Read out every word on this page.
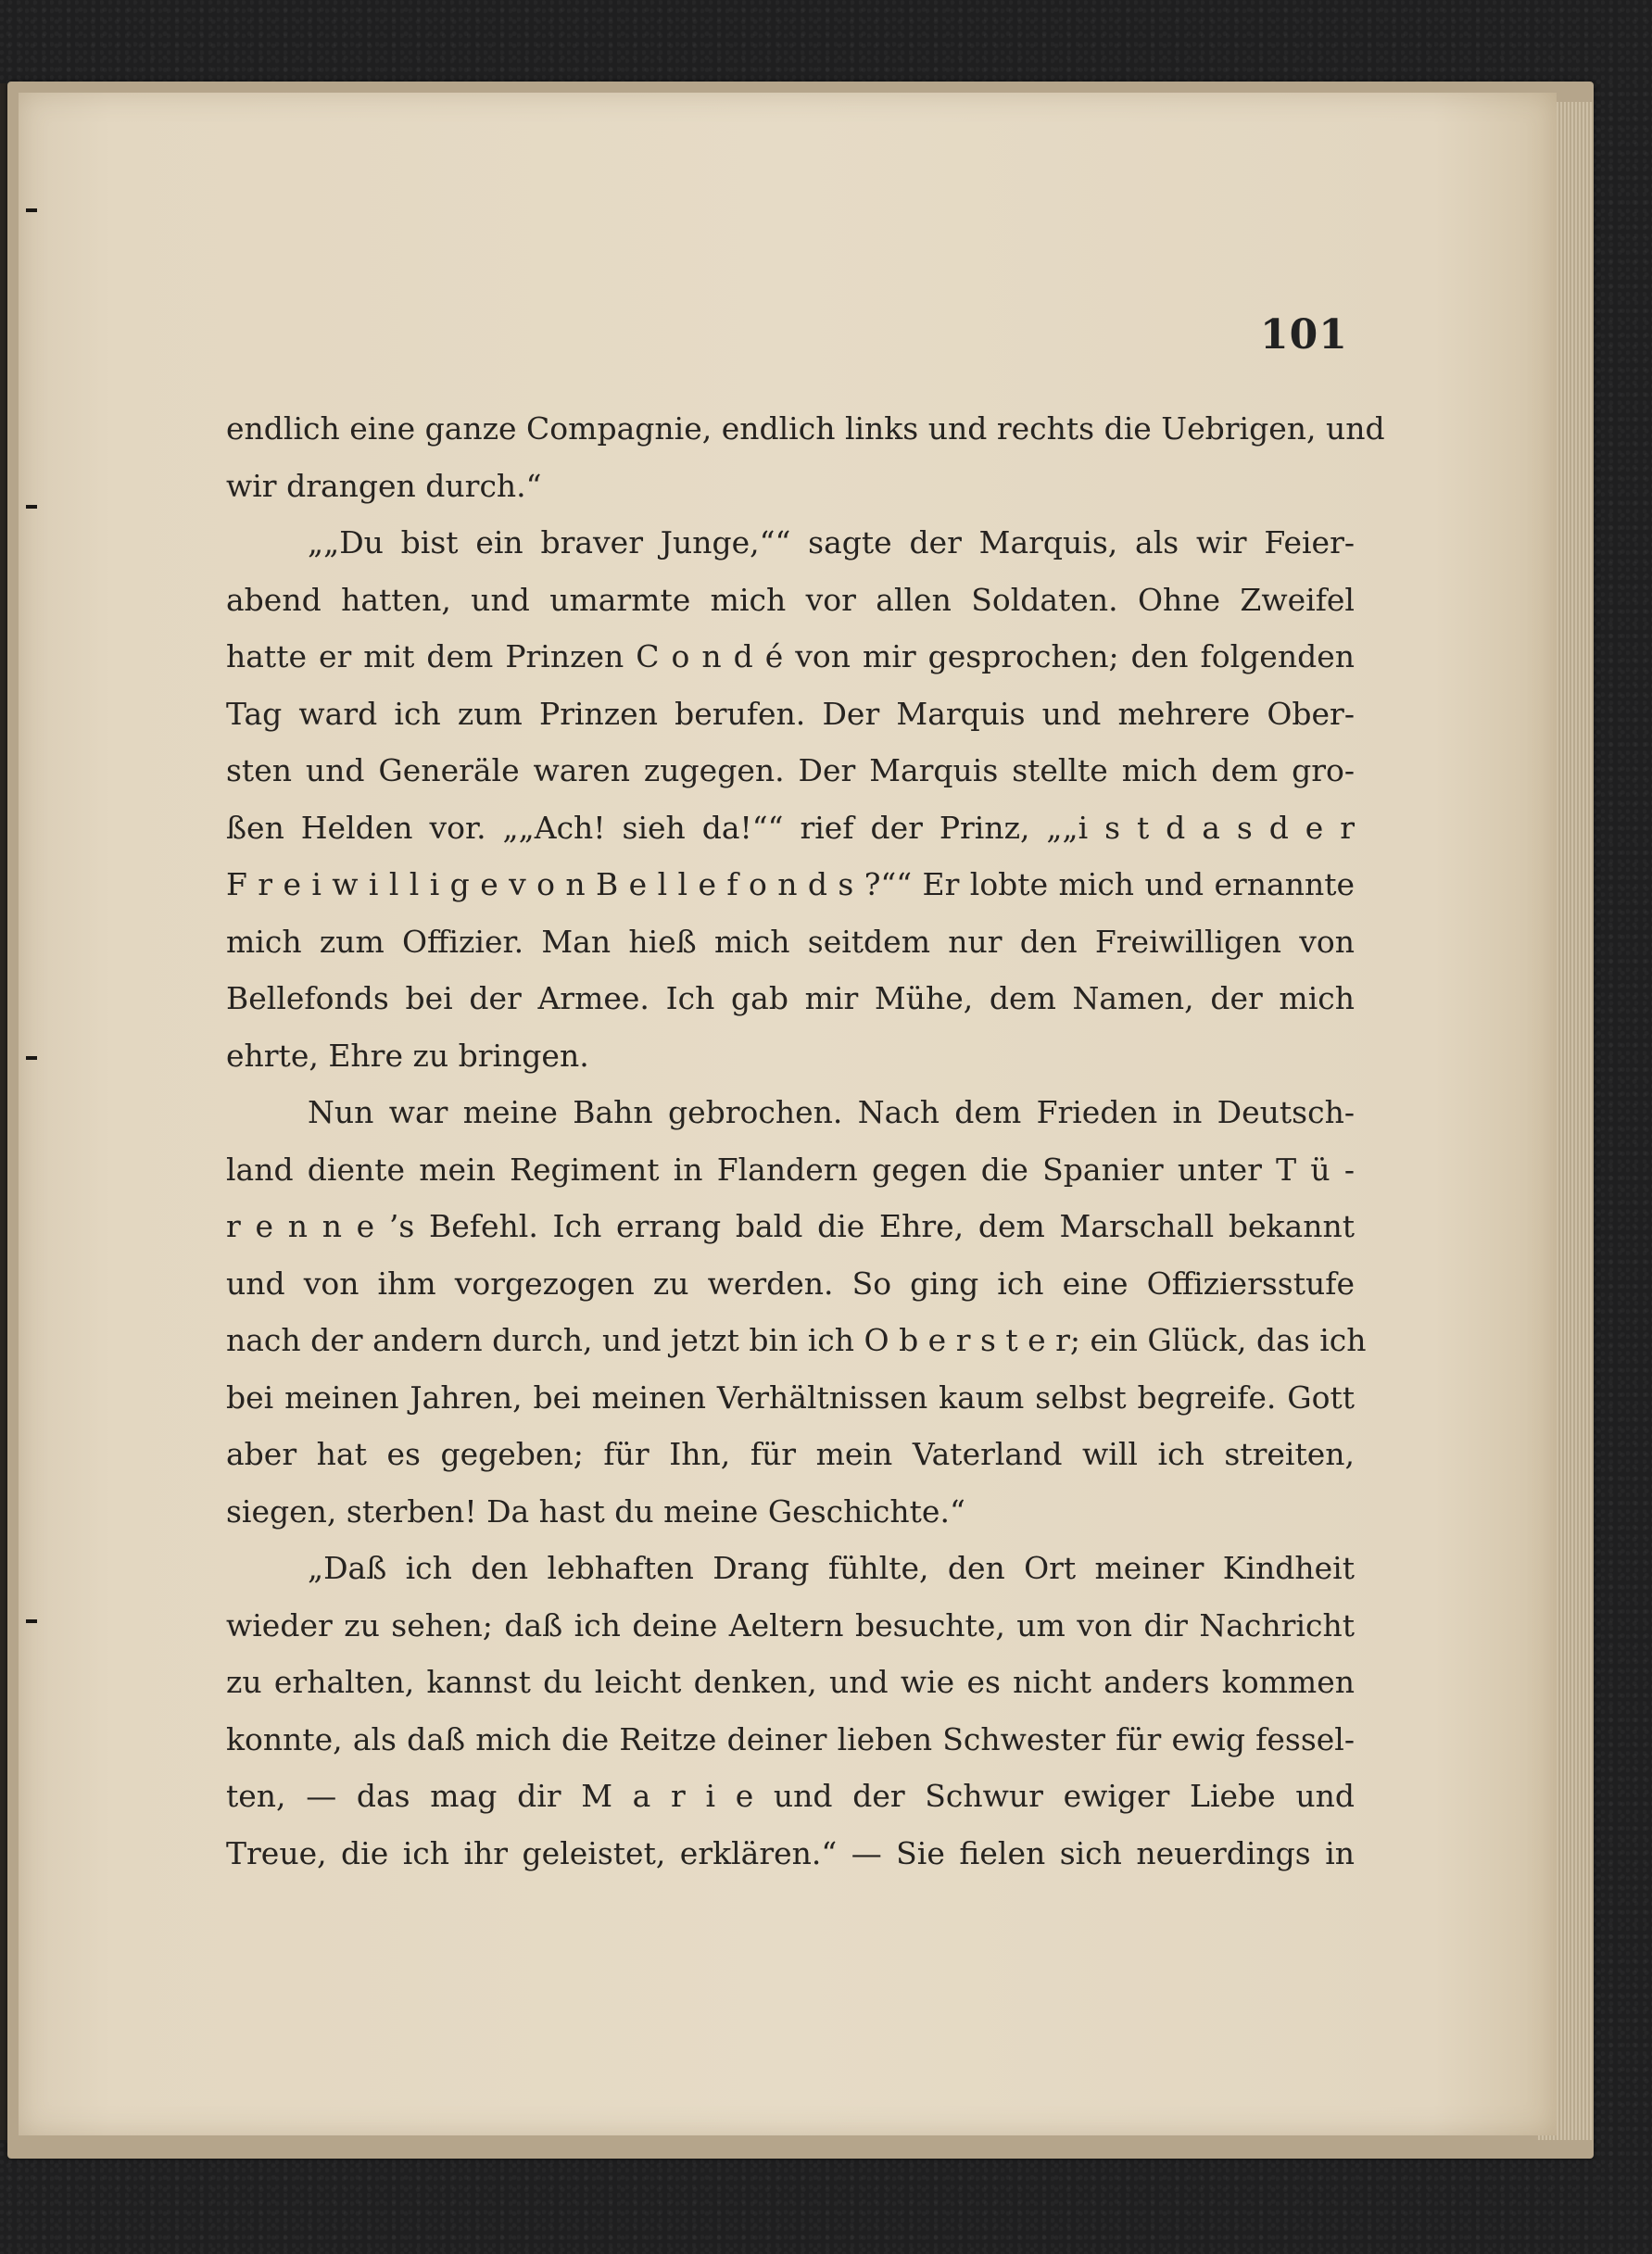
101
endlich eine ganze Compagnie, endlich links und rechts die Uebrigen, und
wir drangen durch.“
„„Du bist ein braver Junge,““ sagte der Marquis, als wir Feier-
abend hatten, und umarmte mich vor allen Soldaten. Ohne Zweifel
hatte er mit dem Prinzen C o n d é von mir gesprochen; den folgenden
Tag ward ich zum Prinzen berufen. Der Marquis und mehrere Ober-
sten und Generäle waren zugegen. Der Marquis stellte mich dem gro-
ßen Helden vor. „„Ach! sieh da!““ rief der Prinz, „„i s t d a s d e r
F r e i w i l l i g e v o n B e l l e f o n d s ?““ Er lobte mich und ernannte
mich zum Offizier. Man hieß mich seitdem nur den Freiwilligen von
Bellefonds bei der Armee. Ich gab mir Mühe, dem Namen, der mich
ehrte, Ehre zu bringen.
Nun war meine Bahn gebrochen. Nach dem Frieden in Deutsch-
land diente mein Regiment in Flandern gegen die Spanier unter T ü -
r e n n e ’s Befehl. Ich errang bald die Ehre, dem Marschall bekannt
und von ihm vorgezogen zu werden. So ging ich eine Offiziersstufe
nach der andern durch, und jetzt bin ich O b e r s t e r; ein Glück, das ich
bei meinen Jahren, bei meinen Verhältnissen kaum selbst begreife. Gott
aber hat es gegeben; für Ihn, für mein Vaterland will ich streiten,
siegen, sterben! Da hast du meine Geschichte.“
„Daß ich den lebhaften Drang fühlte, den Ort meiner Kindheit
wieder zu sehen; daß ich deine Aeltern besuchte, um von dir Nachricht
zu erhalten, kannst du leicht denken, und wie es nicht anders kommen
konnte, als daß mich die Reitze deiner lieben Schwester für ewig fessel-
ten, — das mag dir M a r i e und der Schwur ewiger Liebe und
Treue, die ich ihr geleistet, erklären.“ — Sie fielen sich neuerdings in
